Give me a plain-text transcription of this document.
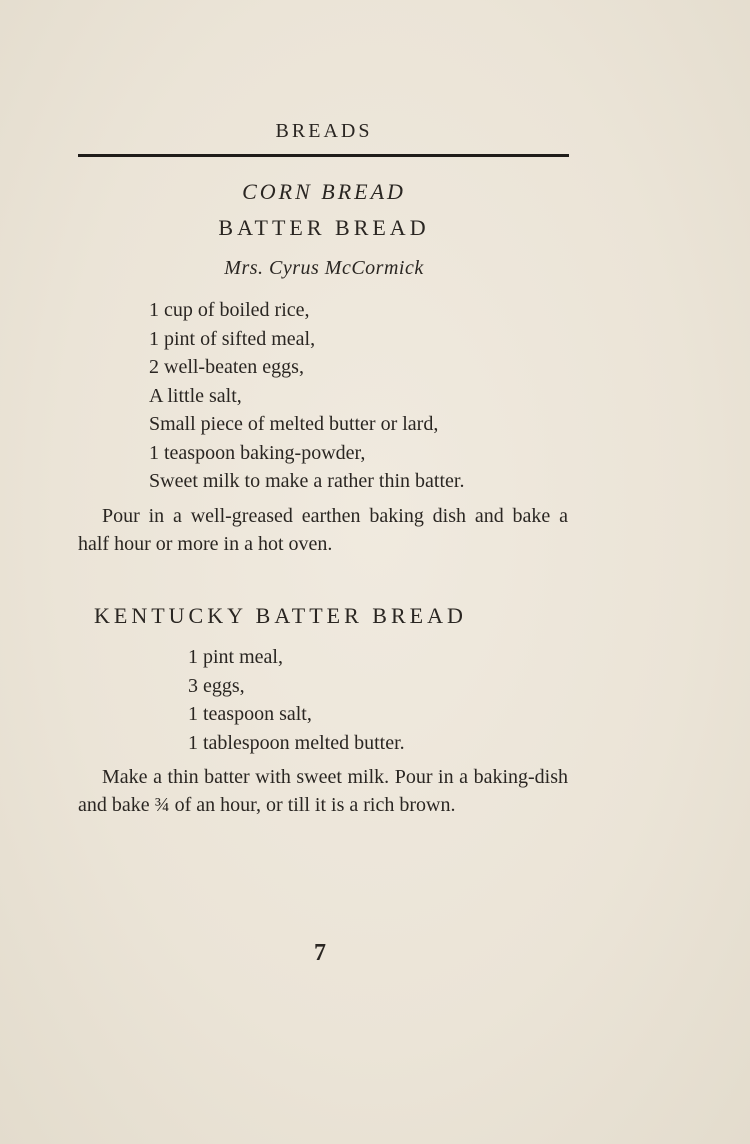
BREADS
CORN BREAD
BATTER BREAD
Mrs. Cyrus McCormick
1 cup of boiled rice,
1 pint of sifted meal,
2 well-beaten eggs,
A little salt,
Small piece of melted butter or lard,
1 teaspoon baking-powder,
Sweet milk to make a rather thin batter.

Pour in a well-greased earthen baking dish and bake a half hour or more in a hot oven.

KENTUCKY BATTER BREAD
1 pint meal,
3 eggs,
1 teaspoon salt,
1 tablespoon melted butter.

Make a thin batter with sweet milk. Pour in a baking-dish and bake ¾ of an hour, or till it is a rich brown.

7
